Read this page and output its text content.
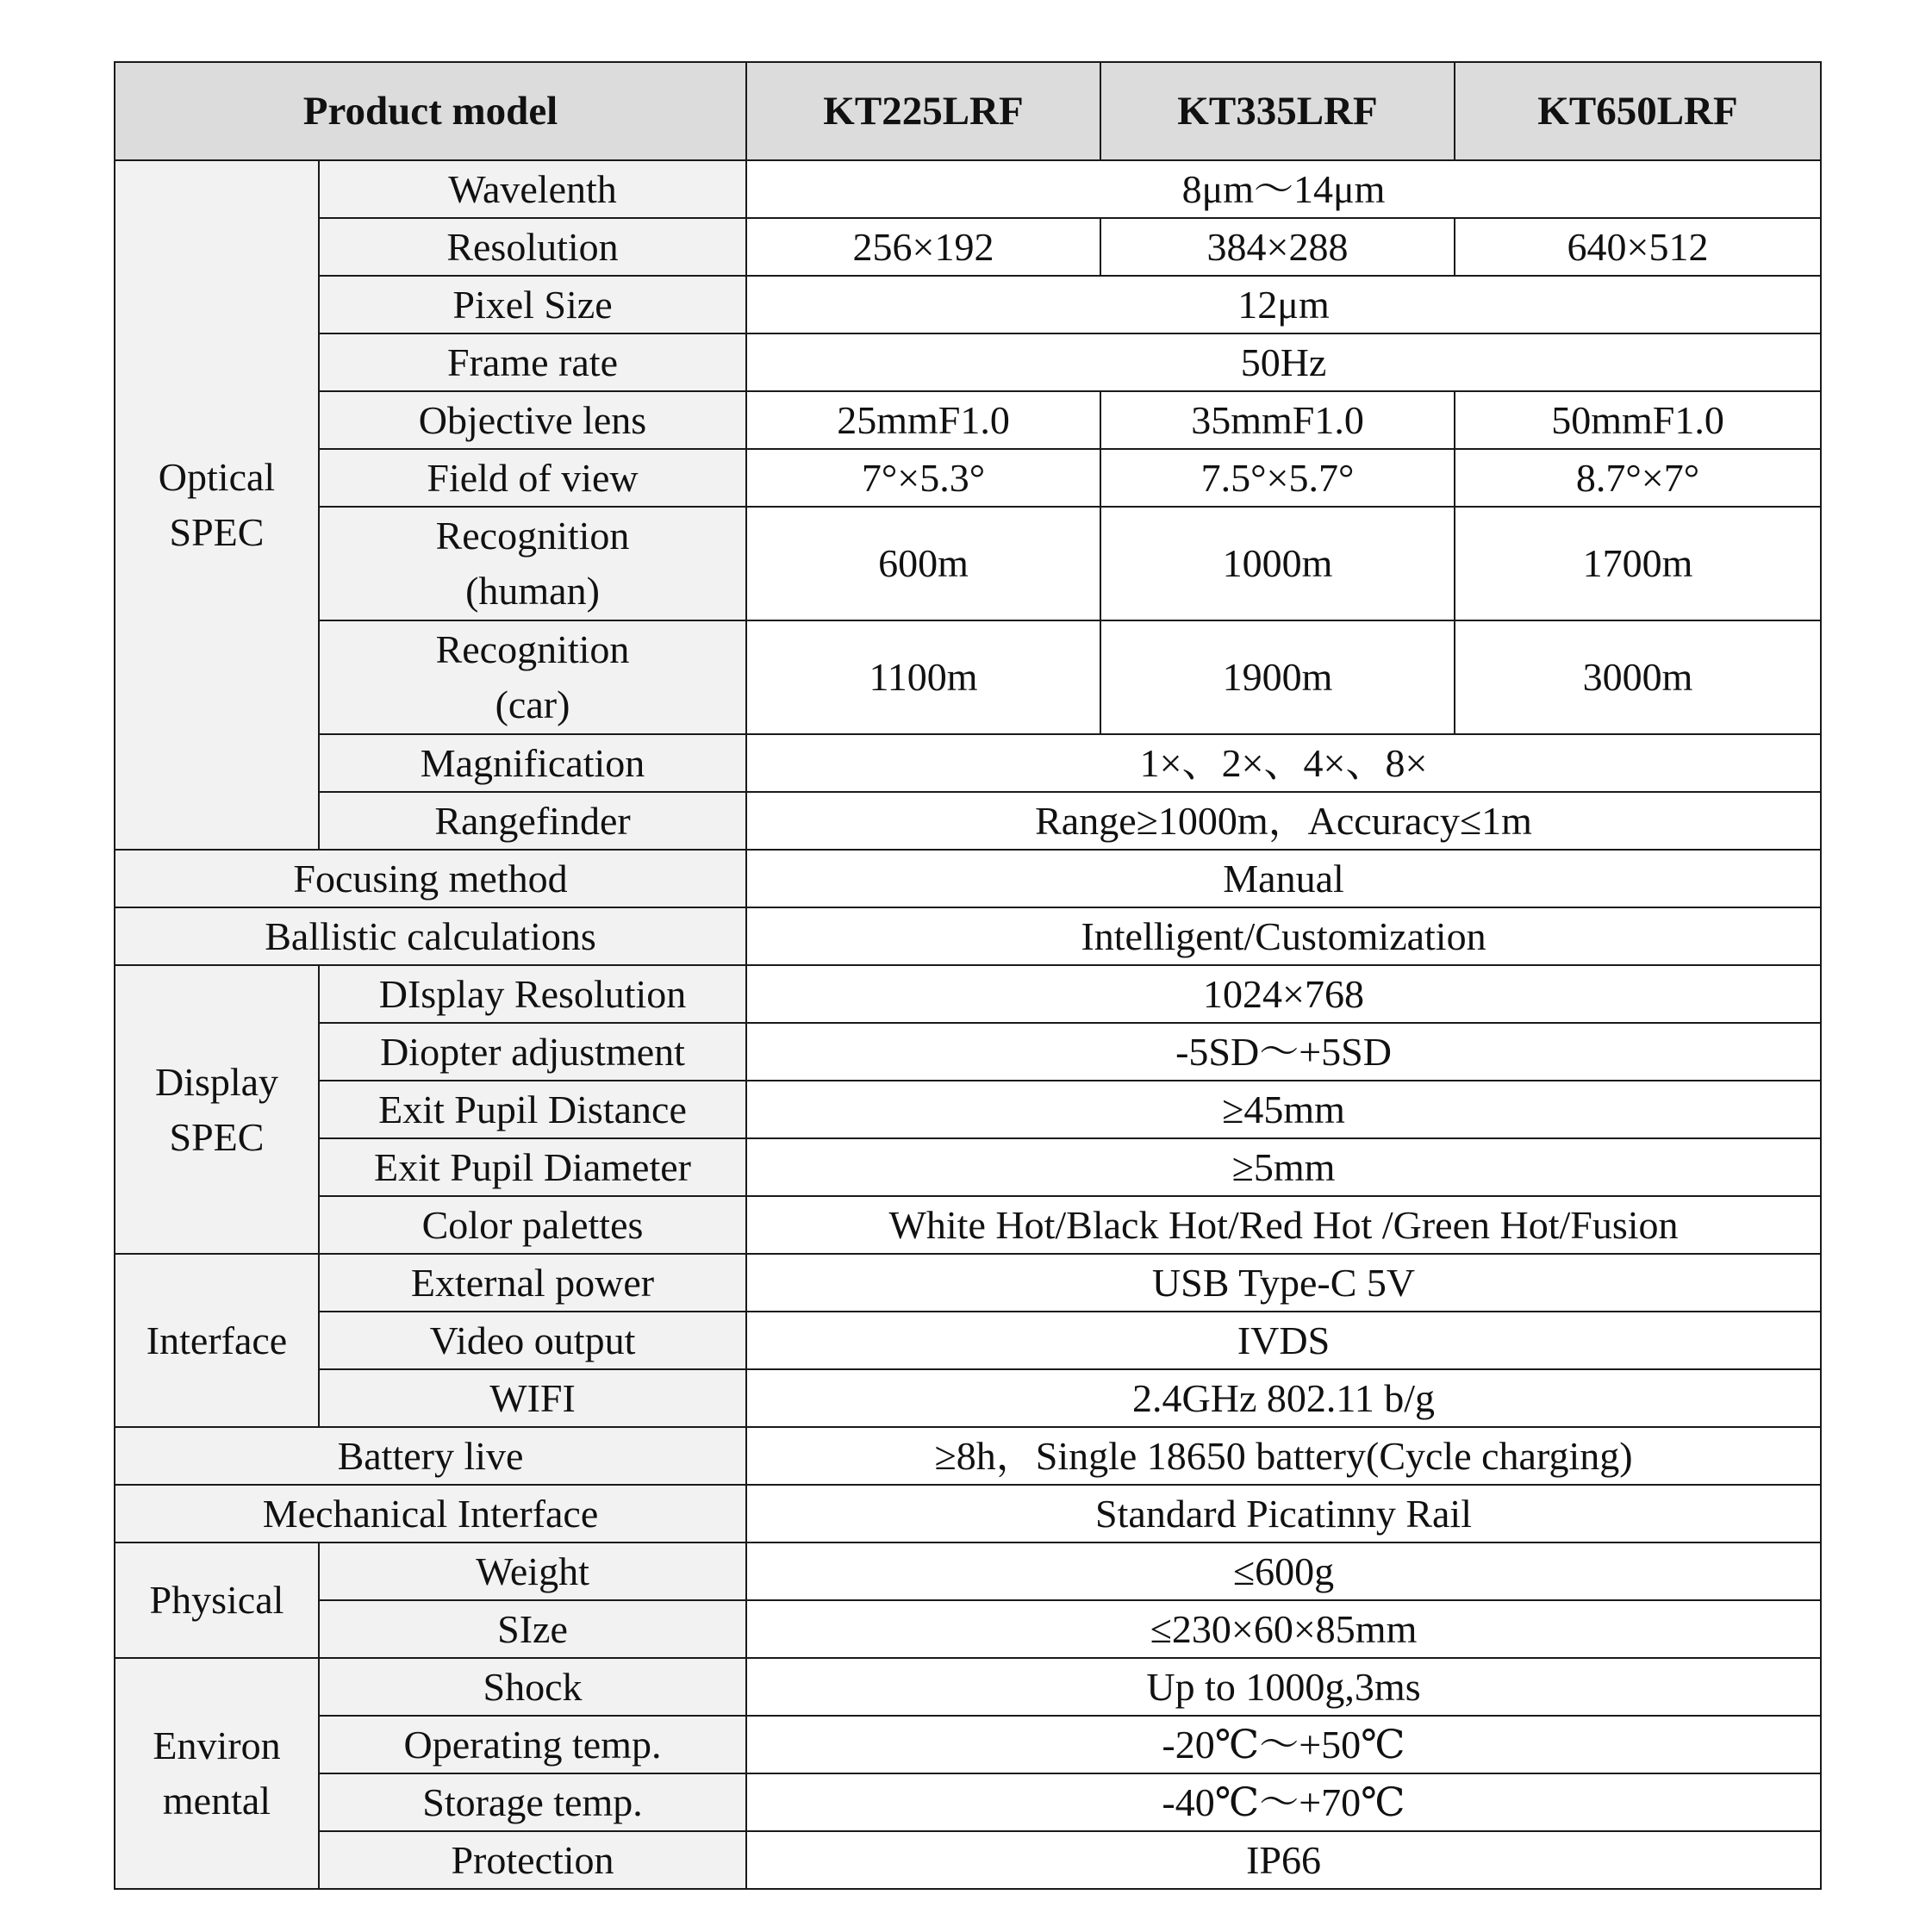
Product model		KT225LRF	KT335LRF	KT650LRF

Optical
SPEC	Wavelenth	8μm～14μm		
	Resolution	256×192	384×288	640×512
	Pixel Size	12μm		
	Frame rate	50Hz		
	Objective lens	25mmF1.0	35mmF1.0	50mmF1.0
	Field of view	7°×5.3°	7.5°×5.7°	8.7°×7°

	Recognition
(human)	600m	1000m	1700m

	Recognition
(car)	1100m	1900m	3000m
	Magnification	1×、2×、4×、8×		
	Rangefinder	Range≥1000m，Accuracy≤1m		
Focusing method		Manual		
Ballistic calculations		Intelligent/Customization		

Display
SPEC	DIsplay Resolution	1024×768		
	Diopter adjustment	-5SD～+5SD		
	Exit Pupil Distance	≥45mm		
	Exit Pupil Diameter	≥5mm		
	Color palettes	White Hot/Black Hot/Red Hot /Green Hot/Fusion		
Interface	External power	USB Type-C 5V		
	Video output	IVDS		
	WIFI	2.4GHz 802.11 b/g		
Battery live		≥8h，Single 18650 battery(Cycle charging)		
Mechanical Interface		Standard Picatinny Rail		
Physical	Weight	≤600g		
	SIze	≤230×60×85mm		

Environ
mental	Shock	Up to 1000g,3ms		
	Operating temp.	-20℃～+50℃		
	Storage temp.	-40℃～+70℃		
	Protection	IP66		
